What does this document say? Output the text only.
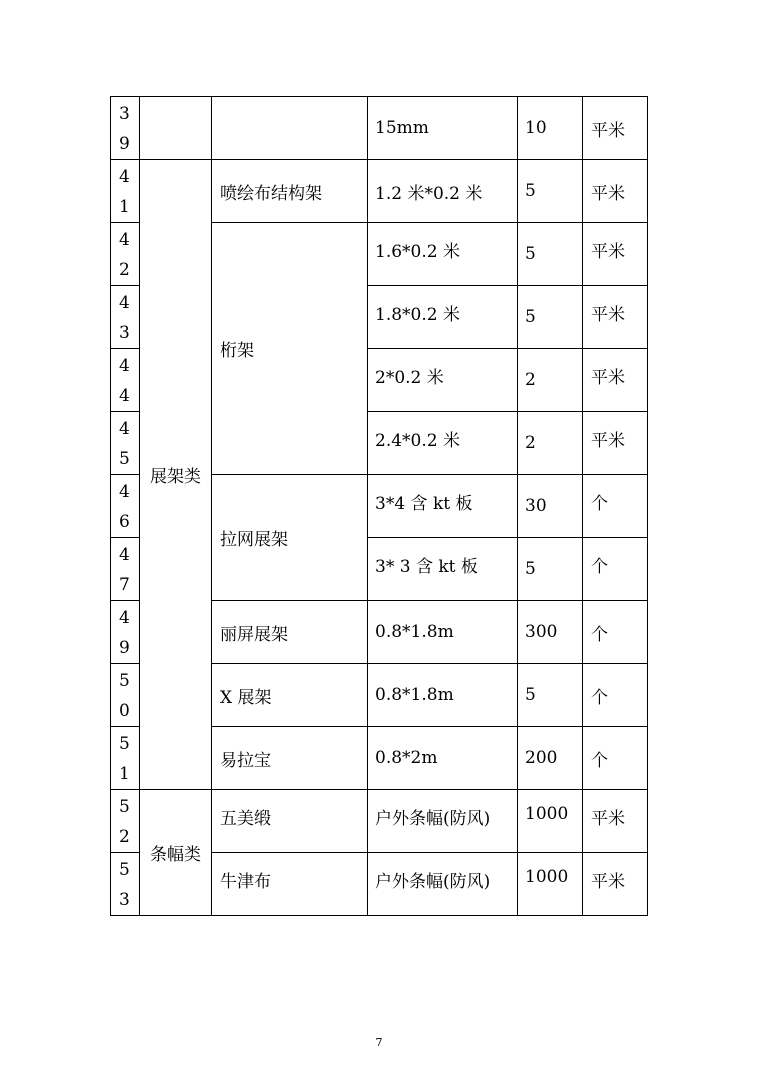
3
9			15mm	10	平米

4
1	展架类	喷绘布结构架	1.2 米*0.2 米	5	平米

4
2		桁架	1.6*0.2 米	5	平米

4
3			1.8*0.2 米	5	平米

4
4			2*0.2 米	2	平米

4
5			2.4*0.2 米	2	平米

4
6		拉网展架	3*4 含 kt 板	30	个

4
7			3* 3 含 kt 板	5	个

4
9		丽屏展架	0.8*1.8m	300	个

5
0		X 展架	0.8*1.8m	5	个

5
1		易拉宝	0.8*2m	200	个

5
2	条幅类	五美缎	户外条幅(防风)	1000	平米

5
3		牛津布	户外条幅(防风)	1000	平米
7
